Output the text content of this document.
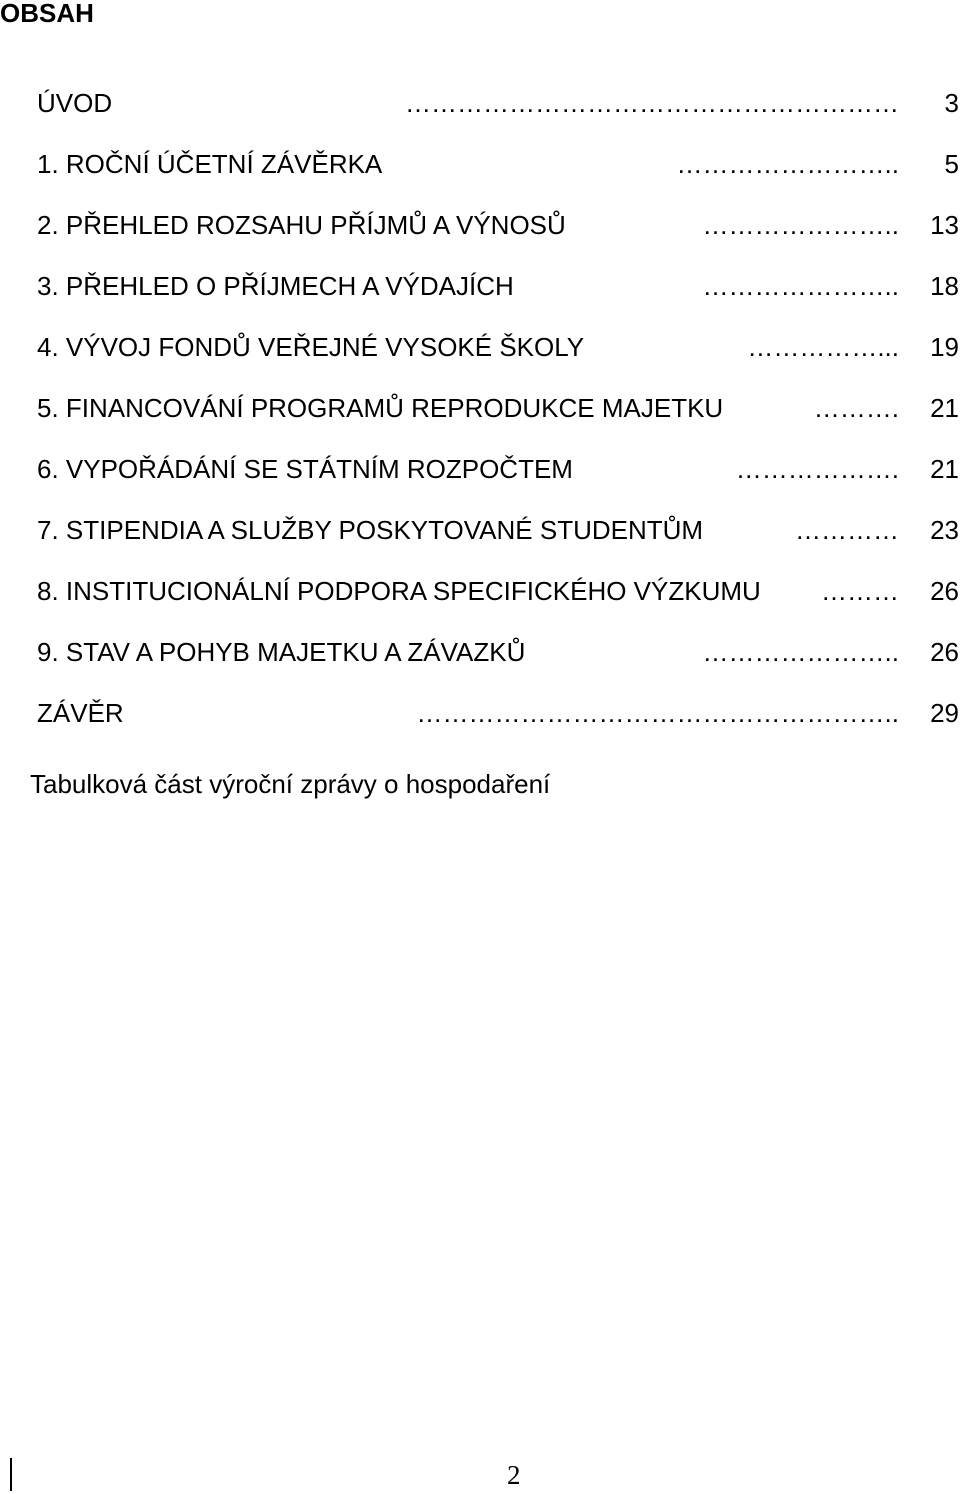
OBSAH
ÚVOD	………………………………………………… 3
1. ROČNÍ ÚČETNÍ ZÁVĚRKA	…………………….. 5
2. PŘEHLED ROZSAHU PŘÍJMŮ A VÝNOSŮ	………………….. 13
3. PŘEHLED O PŘÍJMECH A VÝDAJÍCH	………………….. 18
4. VÝVOJ FONDŮ VEŘEJNÉ VYSOKÉ ŠKOLY	……………... 19
5. FINANCOVÁNÍ PROGRAMŮ REPRODUKCE MAJETKU	………. 21
6. VYPOŘÁDÁNÍ SE STÁTNÍM ROZPOČTEM	………………. 21
7. STIPENDIA A SLUŽBY POSKYTOVANÉ STUDENTŮM	………… 23
8. INSTITUCIONÁLNÍ PODPORA SPECIFICKÉHO VÝZKUMU ……… 26
9. STAV A POHYB MAJETKU A ZÁVAZKŮ	………………….. 26
ZÁVĚR	……………………………………………….. 29
Tabulková část výroční zprávy o hospodaření
2
